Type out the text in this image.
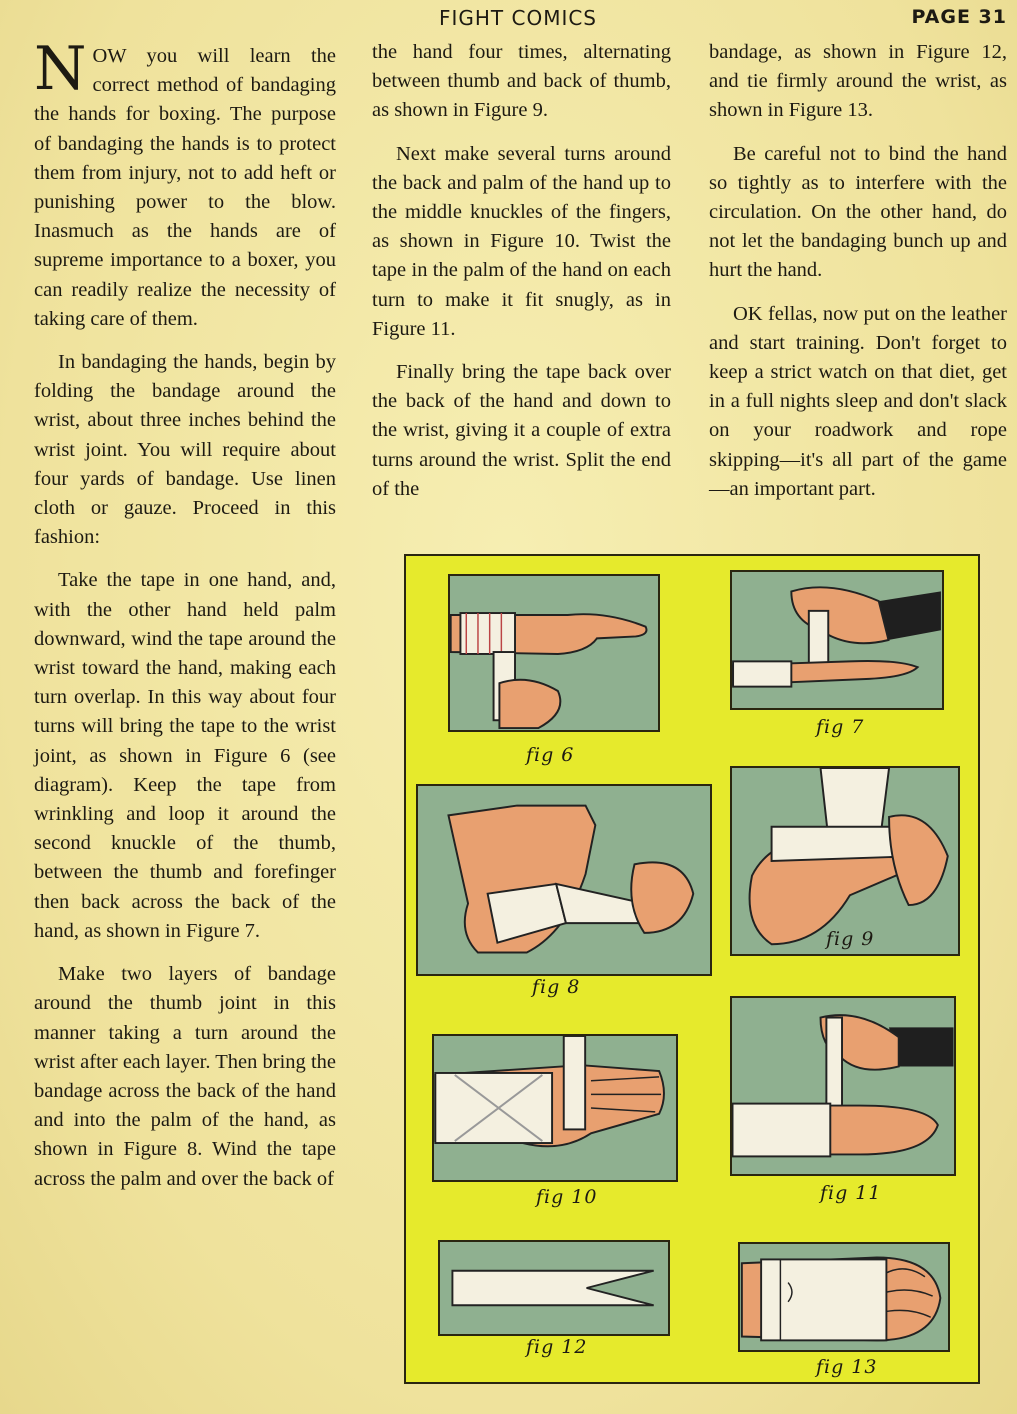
FIGHT COMICS	PAGE 31

NOW you will learn the correct method of bandaging the hands for boxing. The purpose of bandaging the hands is to protect them from injury, not to add heft or punishing power to the blow. Inasmuch as the hands are of supreme importance to a boxer, you can readily realize the necessity of taking care of them.

In bandaging the hands, begin by folding the bandage around the wrist, about three inches behind the wrist joint. You will require about four yards of bandage. Use linen cloth or gauze. Proceed in this fashion:

Take the tape in one hand, and, with the other hand held palm downward, wind the tape around the wrist toward the hand, making each turn overlap. In this way about four turns will bring the tape to the wrist joint, as shown in Figure 6 (see diagram). Keep the tape from wrinkling and loop it around the second knuckle of the thumb, between the thumb and forefinger then back across the back of the hand, as shown in Figure 7.

Make two layers of bandage around the thumb joint in this manner taking a turn around the wrist after each layer. Then bring the bandage across the back of the hand and into the palm of the hand, as shown in Figure 8. Wind the tape across the palm and over the back of

the hand four times, alternating between thumb and back of thumb, as shown in Figure 9.

Next make several turns around the back and palm of the hand up to the middle knuckles of the fingers, as shown in Figure 10. Twist the tape in the palm of the hand on each turn to make it fit snugly, as in Figure 11.

Finally bring the tape back over the back of the hand and down to the wrist, giving it a couple of extra turns around the wrist. Split the end of the

bandage, as shown in Figure 12, and tie firmly around the wrist, as shown in Figure 13.

Be careful not to bind the hand so tightly as to interfere with the circulation. On the other hand, do not let the bandaging bunch up and hurt the hand.

OK fellas, now put on the leather and start training. Don't forget to keep a strict watch on that diet, get in a full nights sleep and don't slack on your roadwork and rope skipping—it's all part of the game—an important part.

fig 6
fig 7
fig 8
fig 9
fig 10	fig 11
fig 12
fig 13
